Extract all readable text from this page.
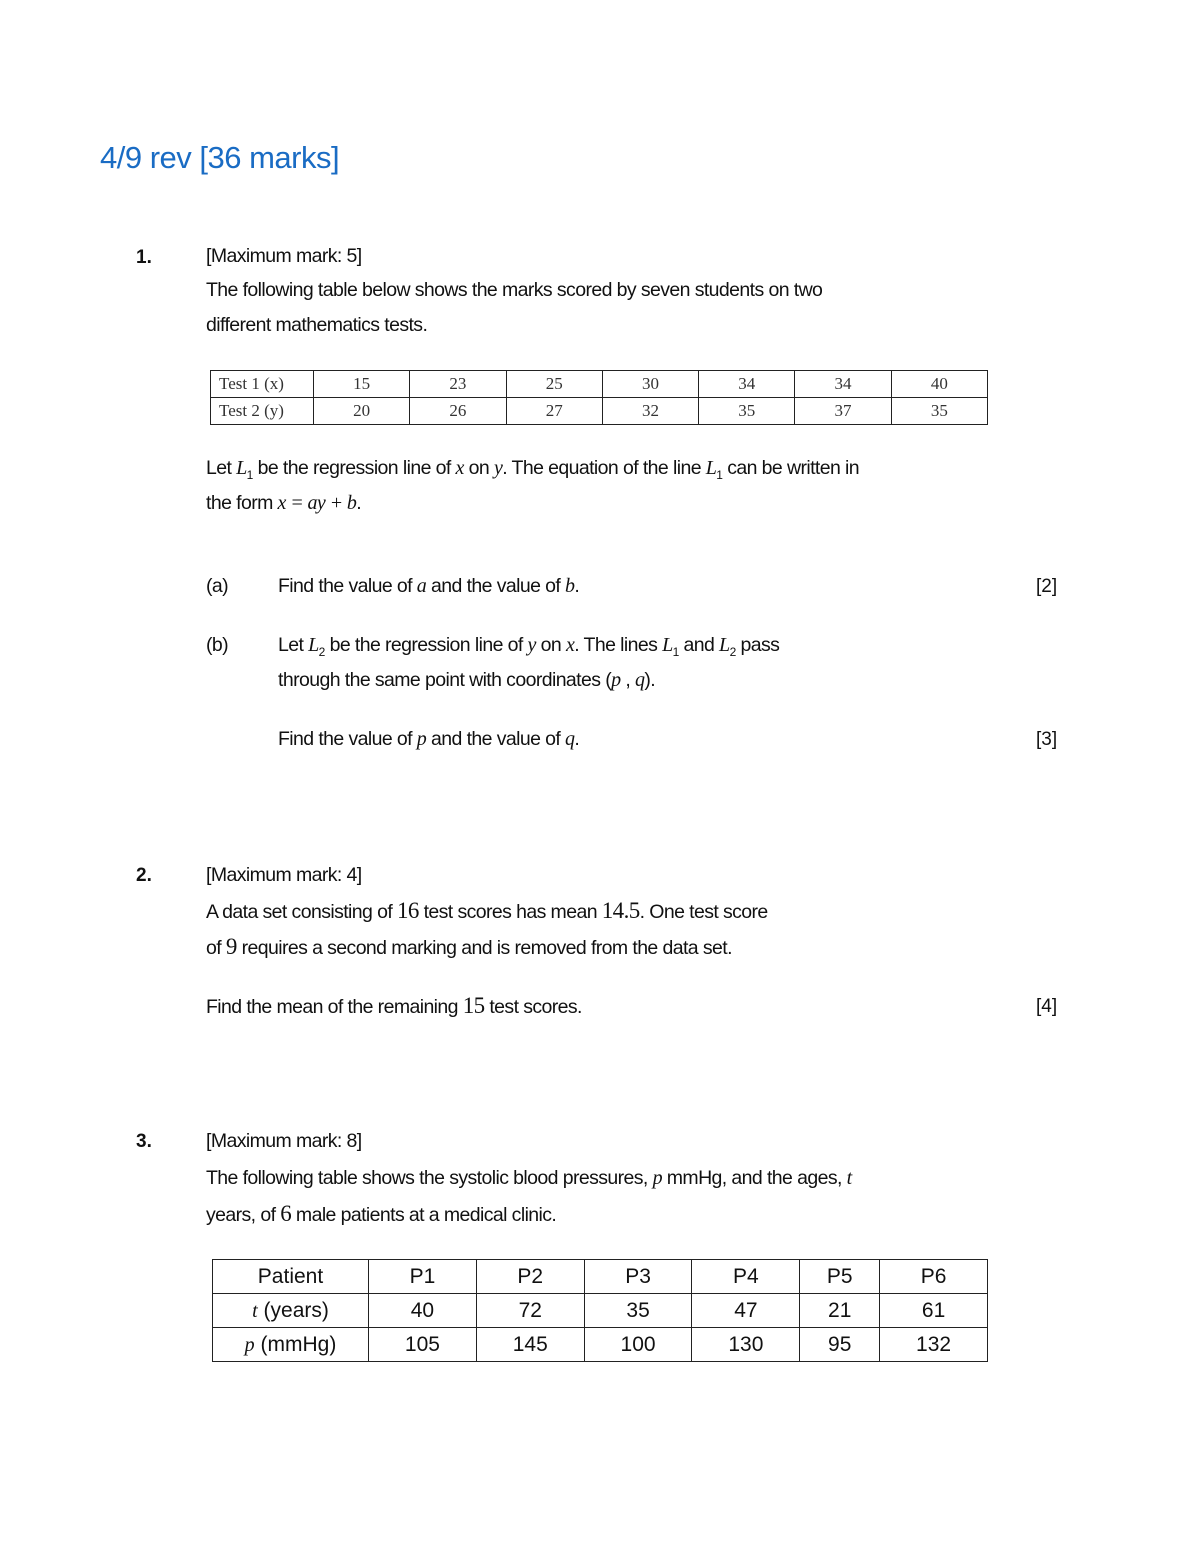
4/9 rev [36 marks]
1.	[Maximum mark: 5]
The following table below shows the marks scored by seven students on two
different mathematics tests.
Test 1 (x)	15	23	25	30	34	34	40
Test 2 (y)	20	26	27	32	35	37	35
Let $L_1$ be the regression line of x on y. The equation of the line $L_1$ can be written in
the form x = ay + b.
(a)	Find the value of a and the value of b.	[2]
(b)	Let $L_2$ be the regression line of y on x. The lines $L_1$ and $L_2$ pass
through the same point with coordinates (p , q).
Find the value of p and the value of q.	[3]
2.	[Maximum mark: 4]
A data set consisting of 16 test scores has mean 14.5. One test score
of 9 requires a second marking and is removed from the data set.
Find the mean of the remaining 15 test scores.	[4]
3.	[Maximum mark: 8]
The following table shows the systolic blood pressures, p mmHg, and the ages, t
years, of 6 male patients at a medical clinic.
Patient	P1	P2	P3	P4	P5	P6
t (years)	40	72	35	47	21	61
p (mmHg)	105	145	100	130	95	132
